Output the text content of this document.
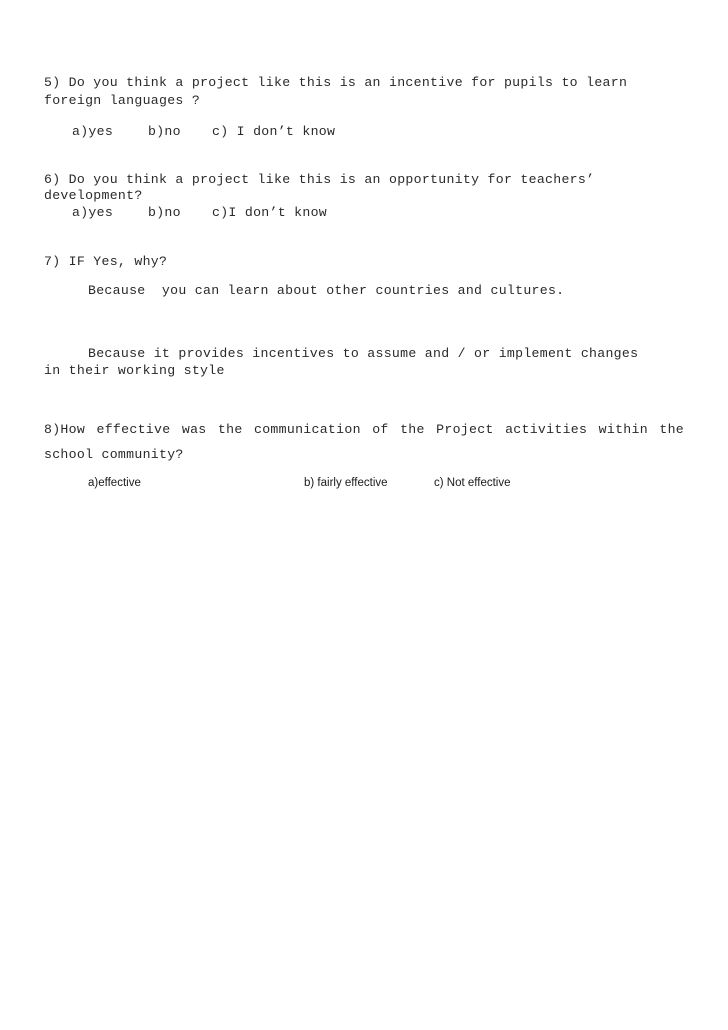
5) Do you think a project like this is an incentive for pupils to learn
foreign languages ?
a)yes	b)no c) I don’t know
6) Do you think a project like this is an opportunity for teachers’
development?
a)yes	b)no c)I don’t know
7) IF Yes, why?
Because  you can learn about other countries and cultures.
Because it provides incentives to assume and / or implement changes
in their working style
8)How effective was the communication of the Project activities within the school community?
a)effective	b) fairly effective	c) Not effective
